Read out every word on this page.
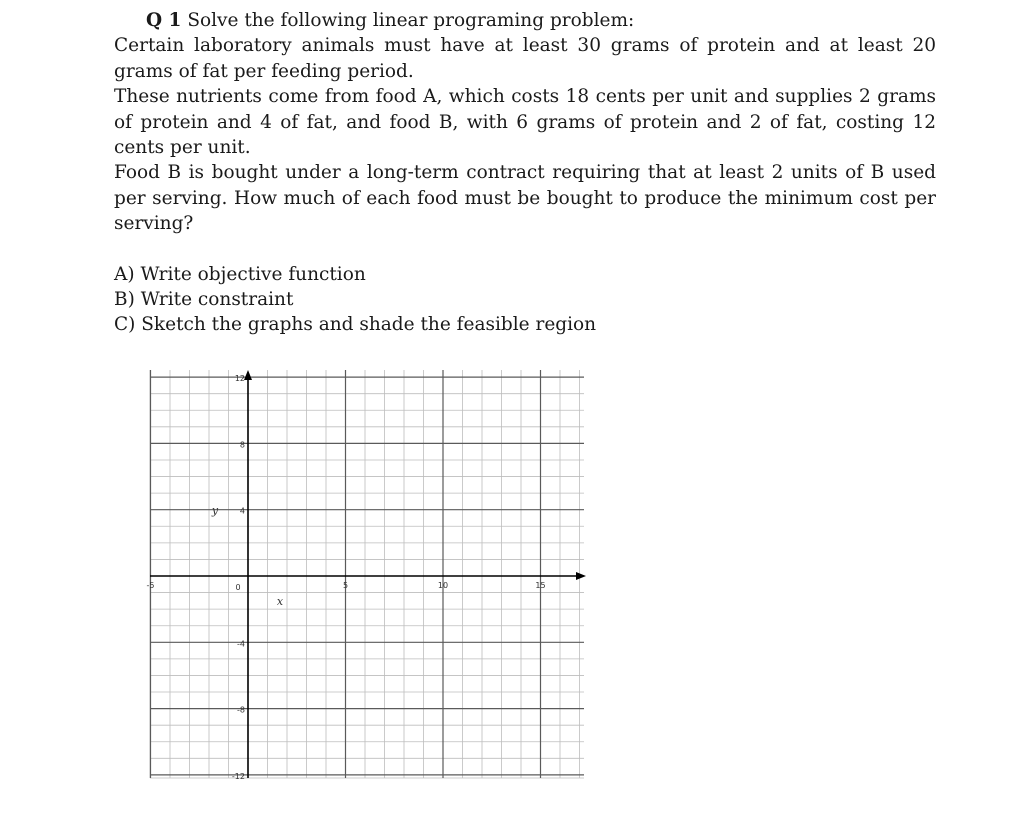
Q 1 Solve the following linear programing problem:
Certain laboratory animals must have at least 30 grams of protein and at least 20 grams of fat per feeding period.
These nutrients come from food A, which costs 18 cents per unit and supplies 2 grams of protein and 4 of fat, and food B, with 6 grams of protein and 2 of fat, costing 12 cents per unit.
Food B is bought under a long-term contract requiring that at least 2 units of B used per serving. How much of each food must be bought to produce the minimum cost per serving?
A) Write objective function
B) Write constraint
C) Sketch the graphs and shade the feasible region
-5	5	10	15
12
8
4
-4
-8
-12
0
x
y
